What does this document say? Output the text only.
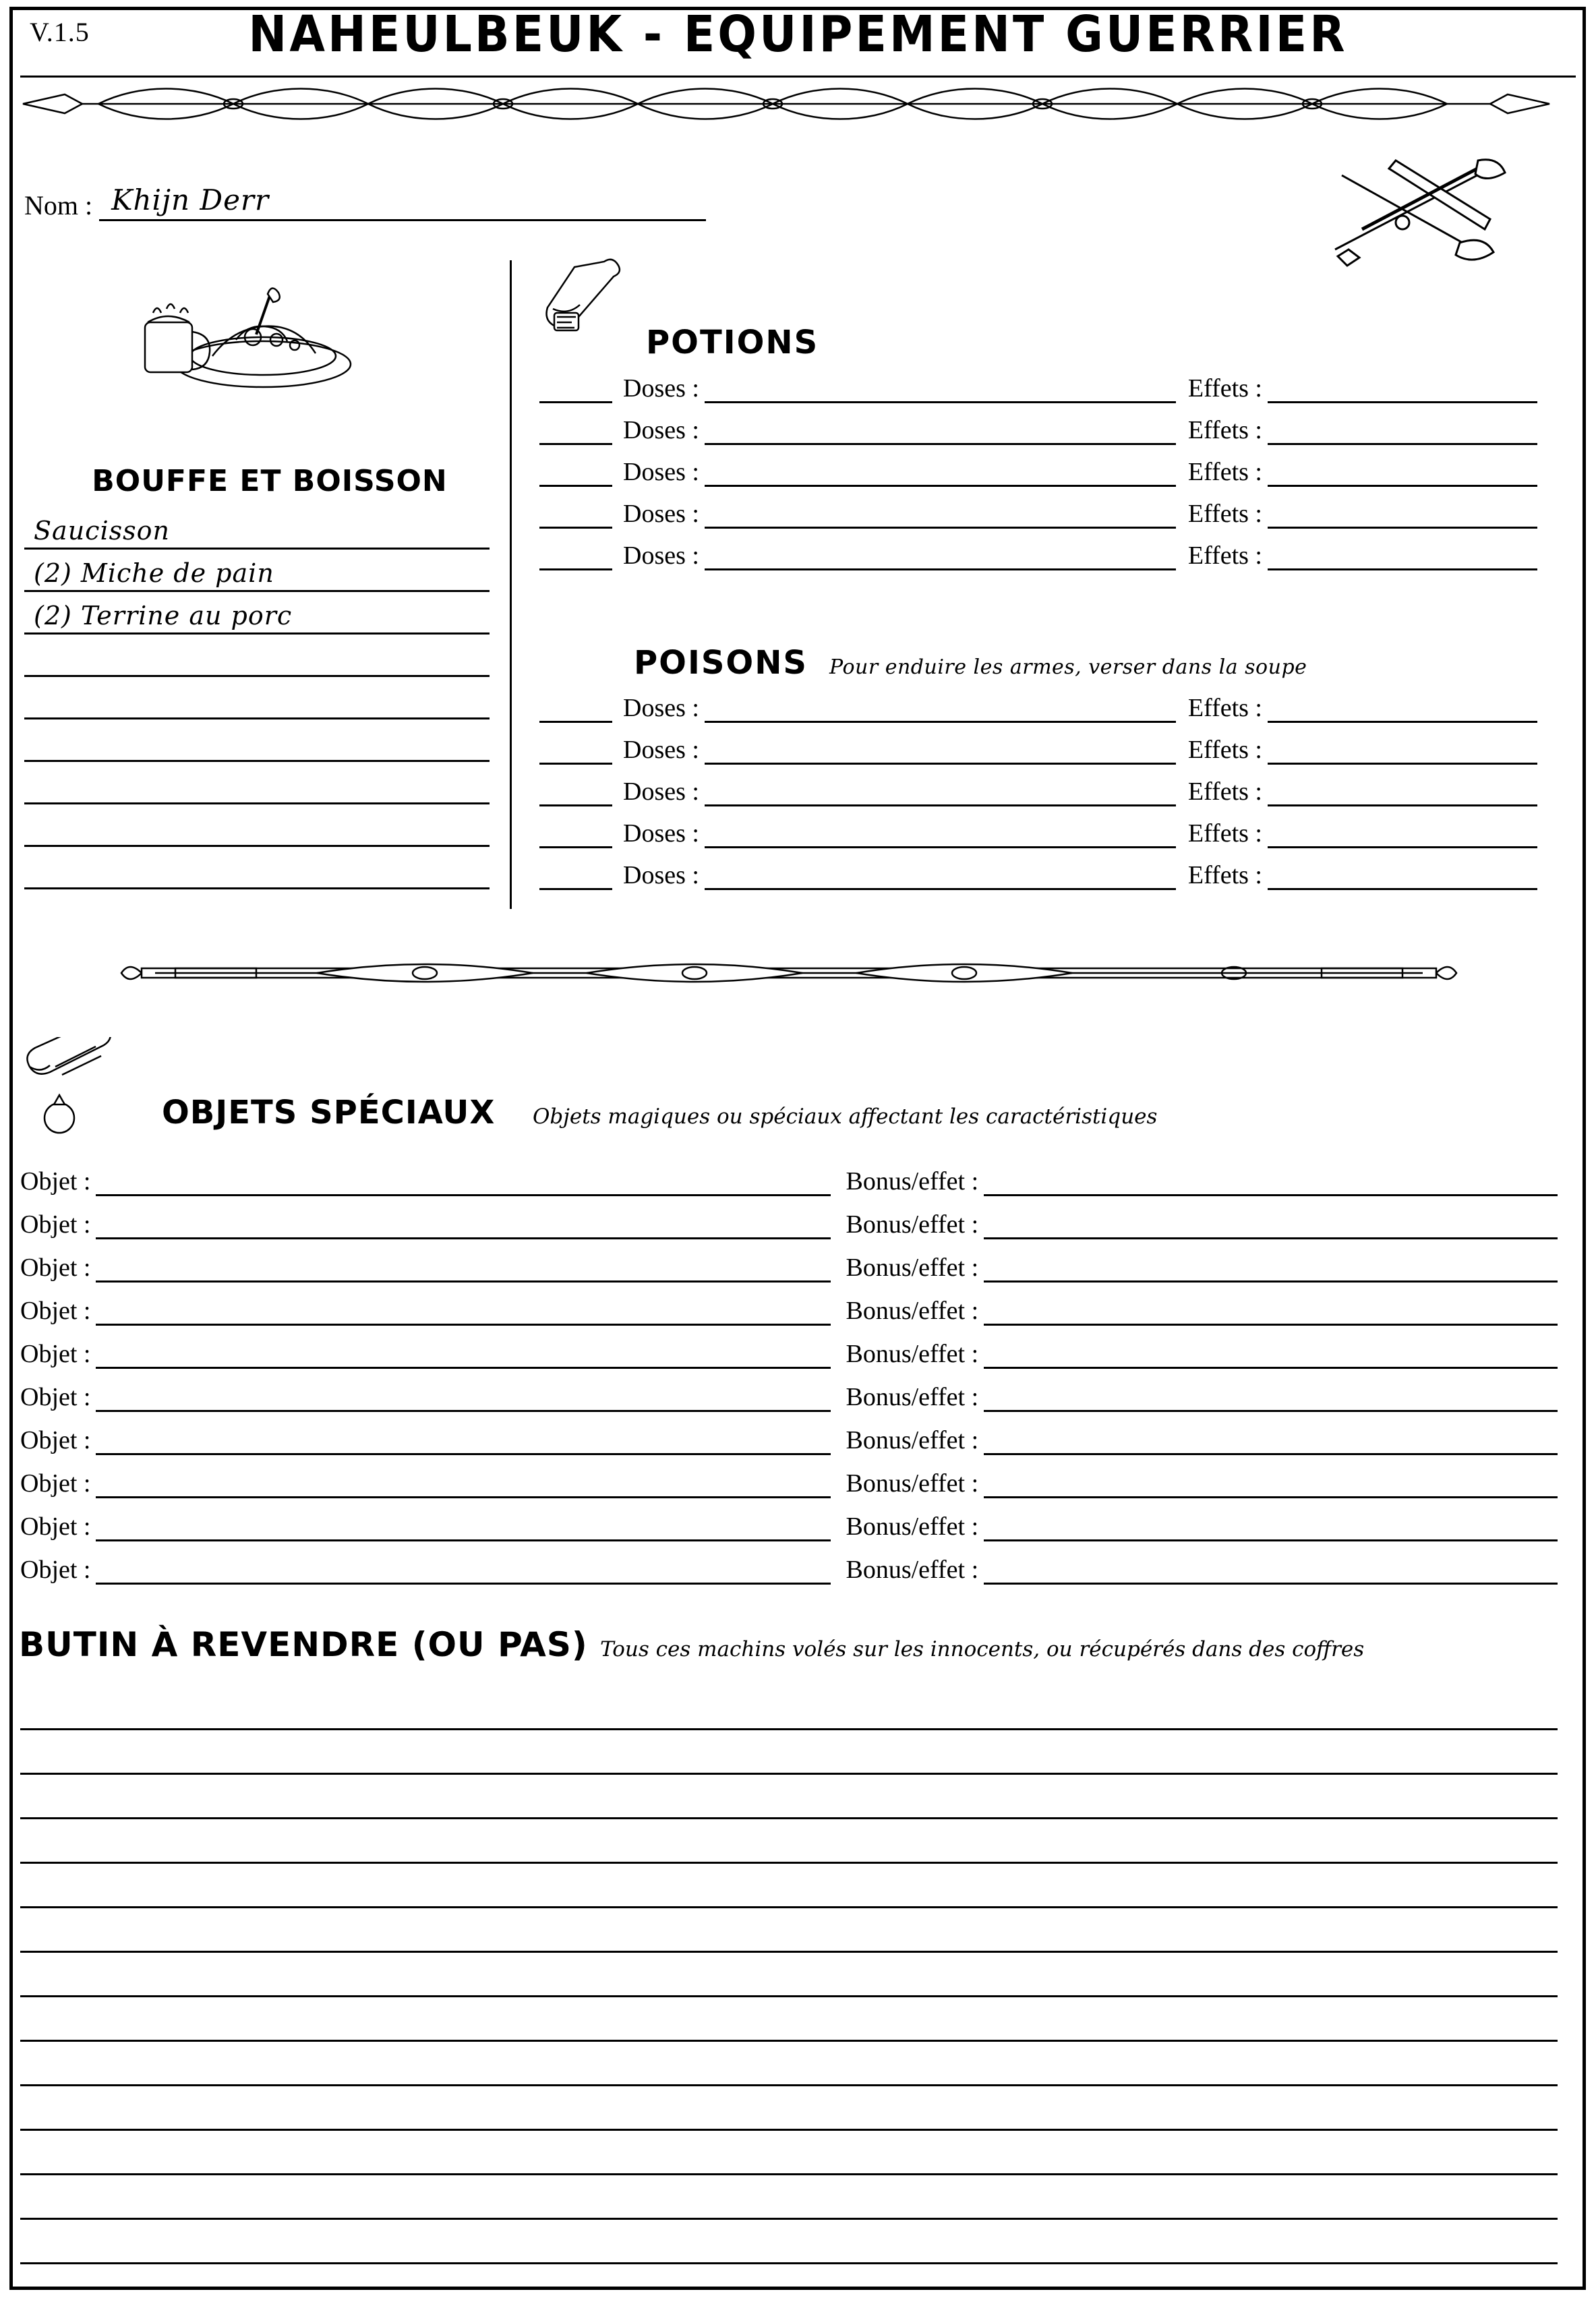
V.1.5	NAHEULBEUK - EQUIPEMENT GUERRIER
Nom : Khijn Derr
BOUFFE ET BOISSON
Saucisson
(2) Miche de pain
(2) Terrine au porc
POTIONS
Doses :	Effets :
Doses :	Effets :
Doses :	Effets :
Doses :	Effets :
Doses :	Effets :
POISONS Pour enduire les armes, verser dans la soupe
Doses :	Effets :
Doses :	Effets :
Doses :	Effets :
Doses :	Effets :
Doses :	Effets :
OBJETS SPÉCIAUX Objets magiques ou spéciaux affectant les caractéristiques
Objet :	Bonus/effet :
Objet :	Bonus/effet :
Objet :	Bonus/effet :
Objet :	Bonus/effet :
Objet :	Bonus/effet :
Objet :	Bonus/effet :
Objet :	Bonus/effet :
Objet :	Bonus/effet :
Objet :	Bonus/effet :
Objet :	Bonus/effet :
BUTIN À REVENDRE (OU PAS) Tous ces machins volés sur les innocents, ou récupérés dans des coffres
